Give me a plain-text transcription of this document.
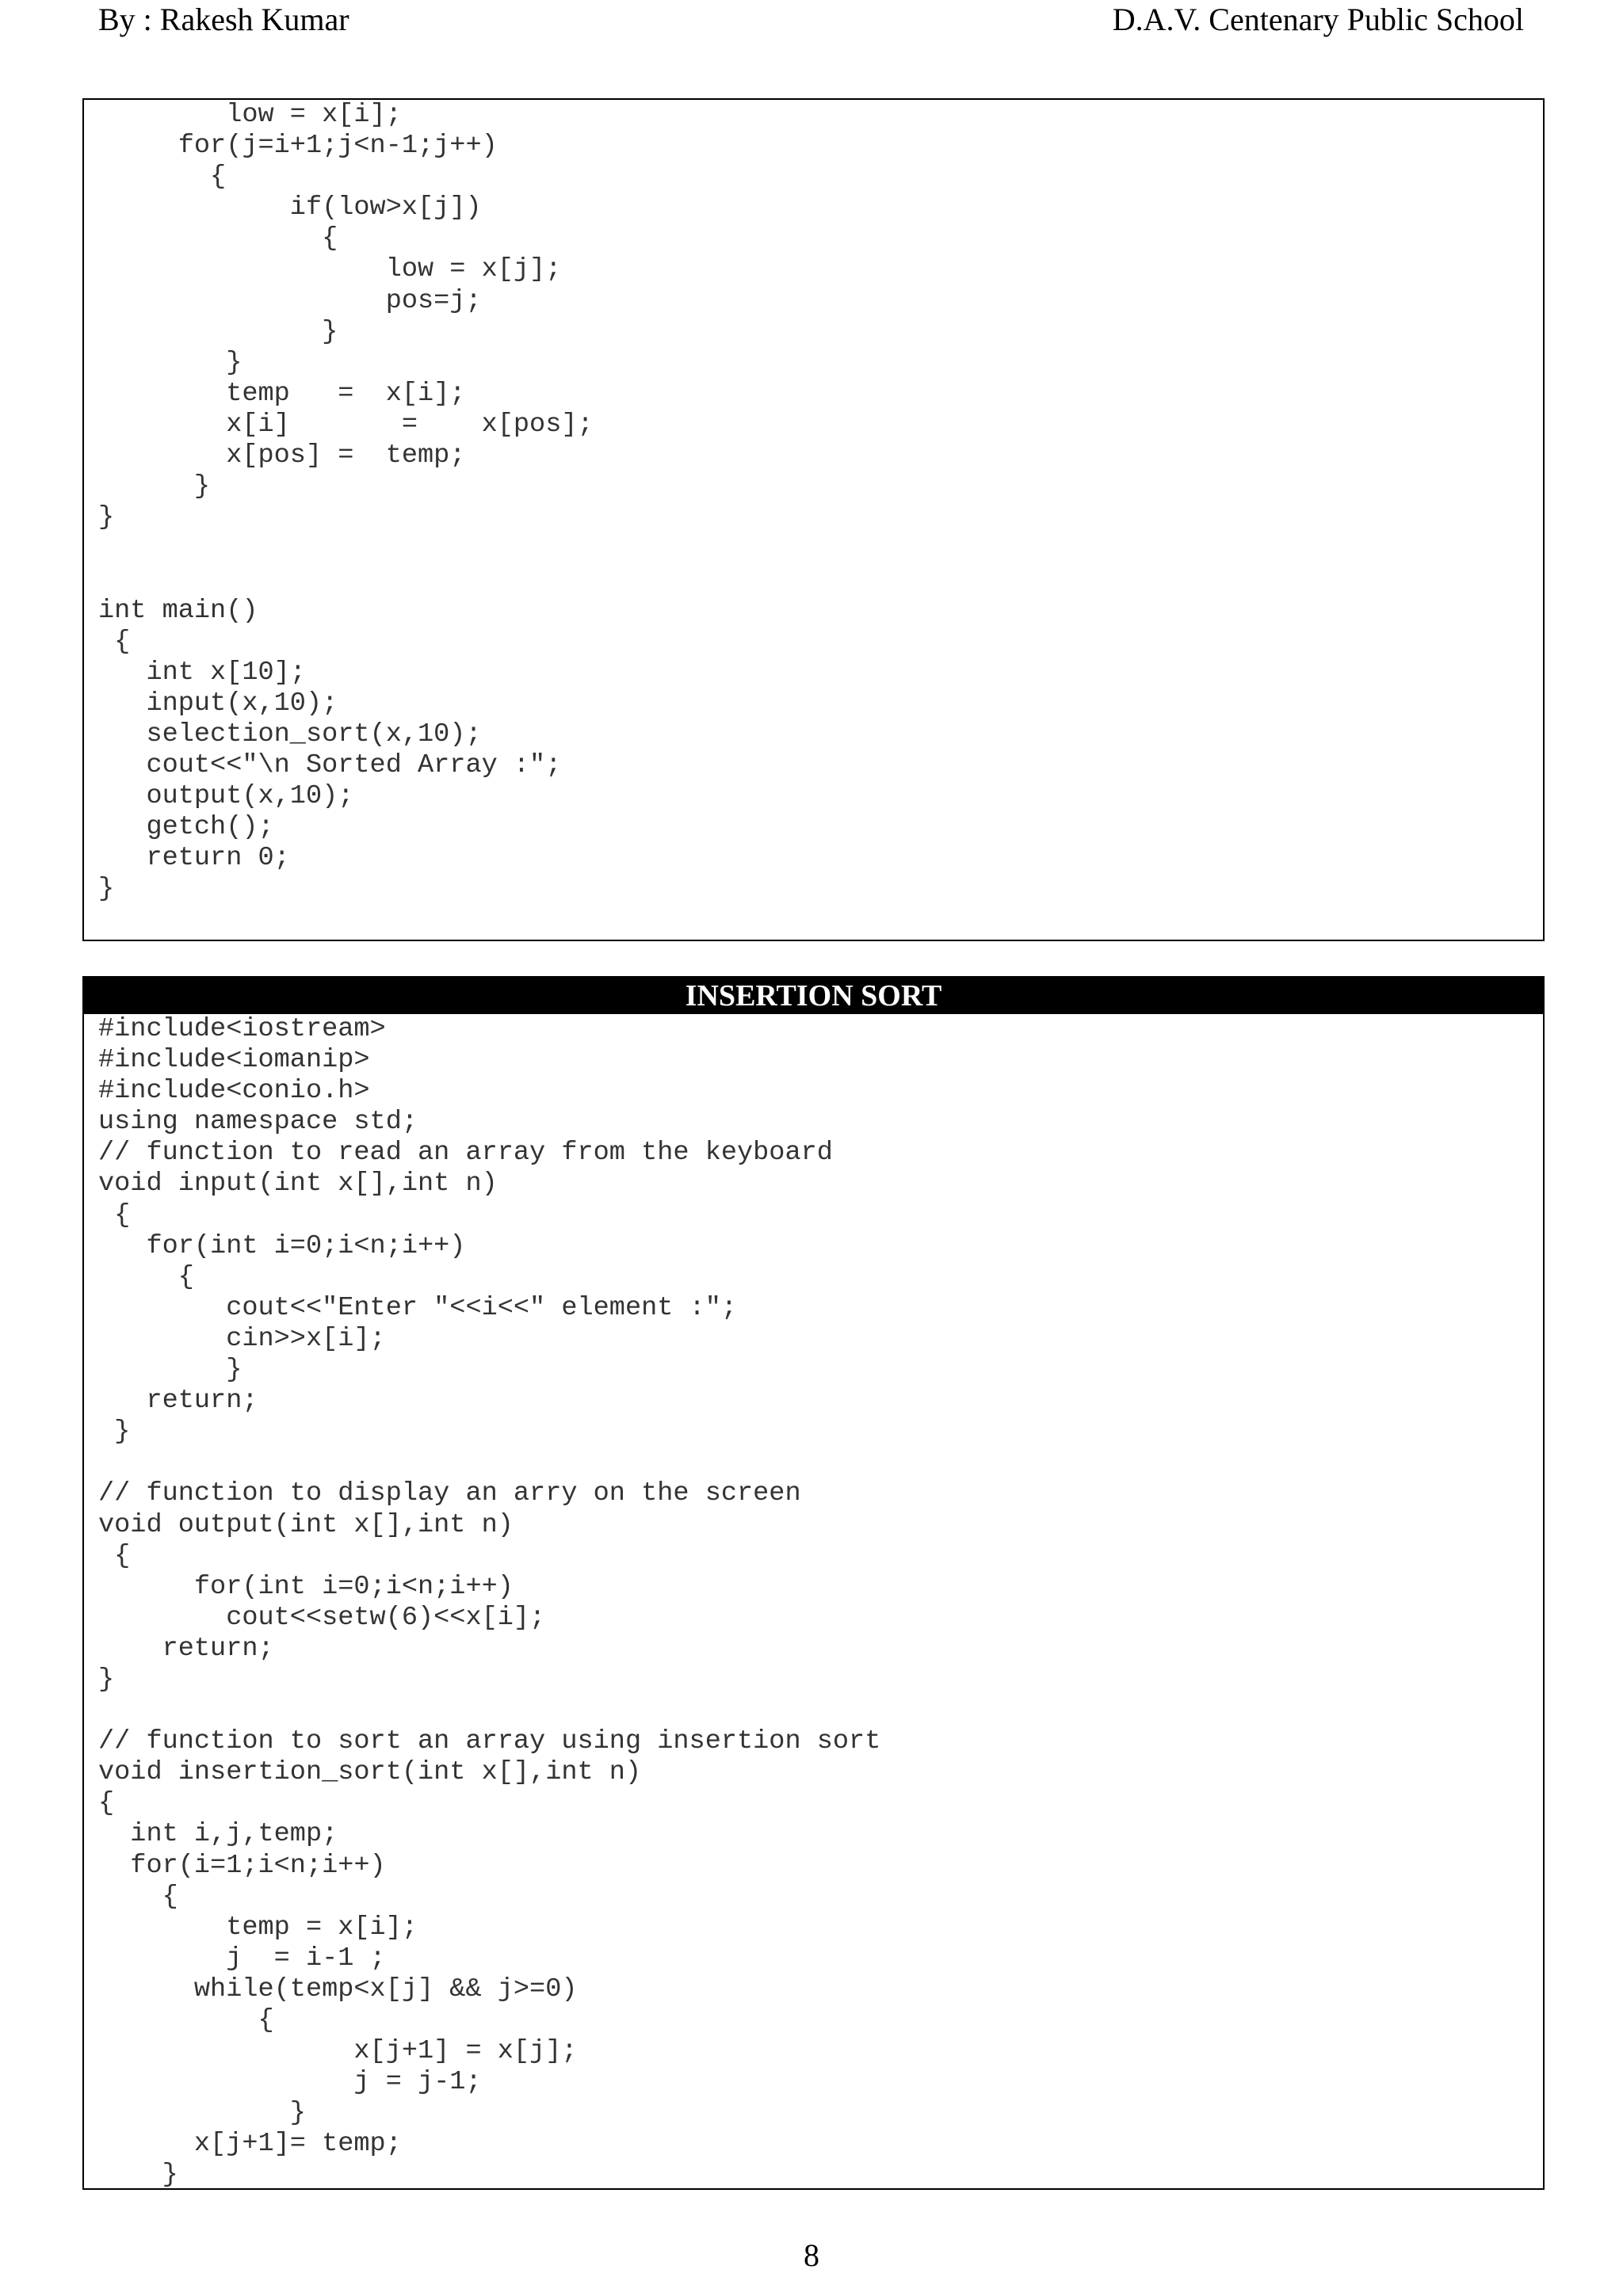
By : Rakesh Kumar	D.A.V. Centenary Public School
low = x[i];
for(j=i+1;j<n-1;j++)
{
if(low>x[j])
{
low = x[j];
pos=j;
}
}
temp   =  x[i];
x[i]       =    x[pos];
x[pos] =  temp;
}
}

int main()
{
int x[10];
input(x,10);
selection_sort(x,10);
cout<<"\n Sorted Array :";
output(x,10);
getch();
return 0;
}
INSERTION SORT
#include<iostream>
#include<iomanip>
#include<conio.h>
using namespace std;
// function to read an array from the keyboard
void input(int x[],int n)
{
for(int i=0;i<n;i++)
{
cout<<"Enter "<<i<<" element :";
cin>>x[i];
}
return;
}

// function to display an arry on the screen
void output(int x[],int n)
{
for(int i=0;i<n;i++)
cout<<setw(6)<<x[i];
return;
}

// function to sort an array using insertion sort
void insertion_sort(int x[],int n)
{
int i,j,temp;
for(i=1;i<n;i++)
{
temp = x[i];
j  = i-1 ;
while(temp<x[j] && j>=0)
{
x[j+1] = x[j];
j = j-1;
}
x[j+1]= temp;
}
8
